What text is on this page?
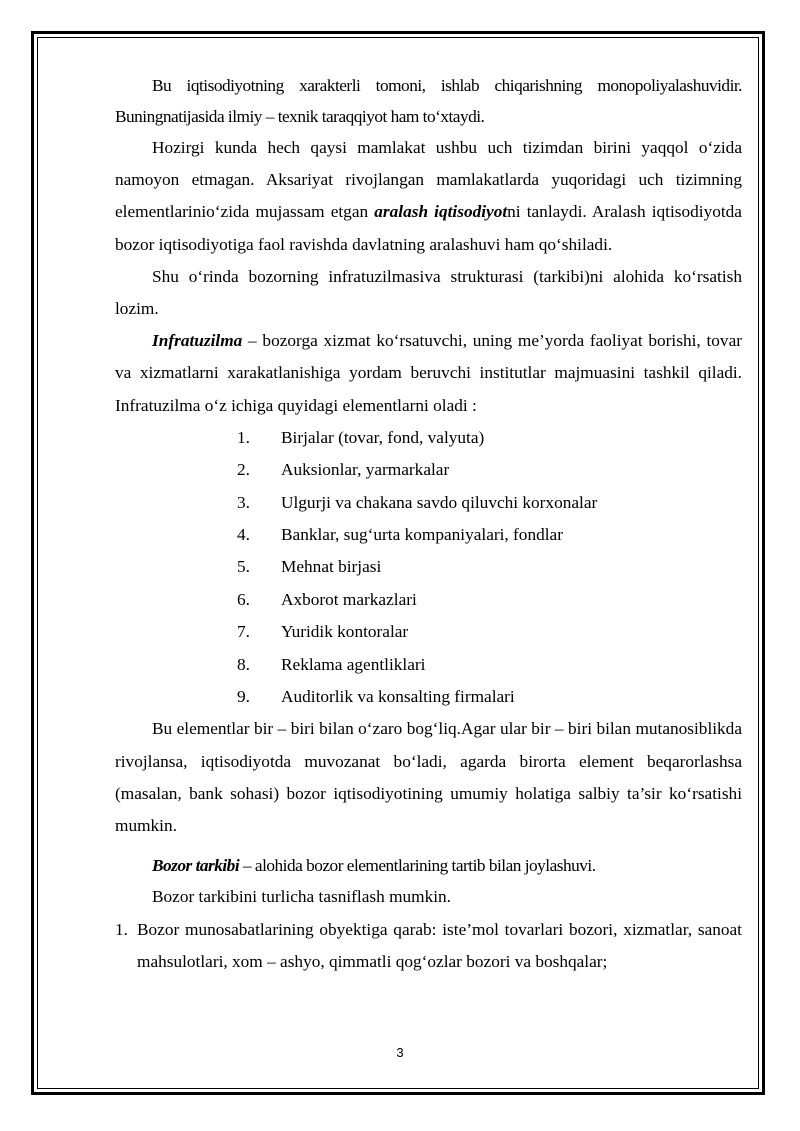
Bu iqtisodiyotning xarakterli tomoni, ishlab chiqarishning monopoliyalashuvidir. Buningnatijasida ilmiy – texnik taraqqiyot ham to‘xtaydi.

Hozirgi kunda hech qaysi mamlakat ushbu uch tizimdan birini yaqqol o‘zida namoyon etmagan. Aksariyat rivojlangan mamlakatlarda yuqoridagi uch tizimning elementlarinio‘zida mujassam etgan aralash iqtisodiyotni tanlaydi. Aralash iqtisodiyotda bozor iqtisodiyotiga faol ravishda davlatning aralashuvi ham qo‘shiladi.

Shu o‘rinda bozorning infratuzilmasiva strukturasi (tarkibi)ni alohida ko‘rsatish lozim.

Infratuzilma – bozorga xizmat ko‘rsatuvchi, uning me’yorda faoliyat borishi, tovar va xizmatlarni xarakatlanishiga yordam beruvchi institutlar majmuasini tashkil qiladi. Infratuzilma o‘z ichiga quyidagi elementlarni oladi :

1.	Birjalar (tovar, fond, valyuta)
2.	Auksionlar, yarmarkalar
3.	Ulgurji va chakana savdo qiluvchi korxonalar
4.	Banklar, sug‘urta kompaniyalari, fondlar
5.	Mehnat birjasi
6.	Axborot markazlari
7.	Yuridik kontoralar
8.	Reklama agentliklari
9.	Auditorlik va konsalting firmalari

Bu elementlar bir – biri bilan o‘zaro bog‘liq.Agar ular bir – biri bilan mutanosiblikda rivojlansa, iqtisodiyotda muvozanat bo‘ladi, agarda birorta element beqarorlashsa (masalan, bank sohasi) bozor iqtisodiyotining umumiy holatiga salbiy ta’sir ko‘rsatishi mumkin.

Bozor tarkibi – alohida bozor elementlarining tartib bilan joylashuvi.

Bozor tarkibini turlicha tasniflash mumkin.

1. Bozor munosabatlarining obyektiga qarab: iste’mol tovarlari bozori, xizmatlar, sanoat mahsulotlari, xom – ashyo, qimmatli qog‘ozlar bozori va boshqalar;
3
